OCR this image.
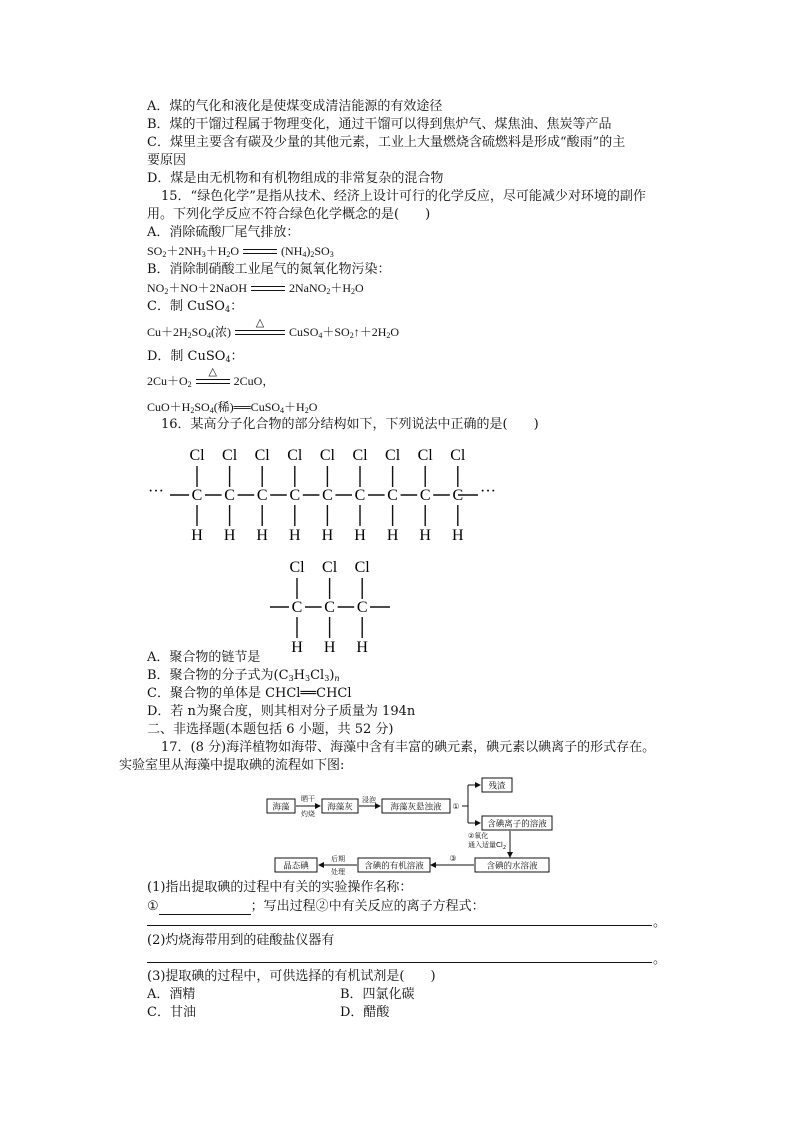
A．煤的气化和液化是使煤变成清洁能源的有效途径
B．煤的干馏过程属于物理变化，通过干馏可以得到焦炉气、煤焦油、焦炭等产品
C．煤里主要含有碳及少量的其他元素，工业上大量燃烧含硫燃料是形成“酸雨”的主
要原因
D．煤是由无机物和有机物组成的非常复杂的混合物
15．“绿色化学”是指从技术、经济上设计可行的化学反应，尽可能减少对环境的副作
用。下列化学反应不符合绿色化学概念的是(　　)
A．消除硫酸厂尾气排放：
$SO_2+2NH_3+H_2O$	$(NH_4)_2SO_3$
B．消除制硝酸工业尾气的氮氧化物污染：
$NO_2+NO+2NaOH$	$2NaNO_2+H_2O$
C．制 CuSO$_4$：
$Cu+2H_2SO_4$(浓)
△
$CuSO_4+SO_2↑+2H_2O$
D．制 CuSO$_4$：
$2Cu+O_2$
△
2CuO，
$CuO+H_2SO_4$(稀)$══CuSO_4+H_2O$
16．某高分子化合物的部分结构如下，下列说法中正确的是(　　)
Cl
C
H
Cl
C
H
Cl
C
H
Cl
C
H
Cl
C
H
Cl
C
H
Cl
C
H
Cl
C
H
Cl
C
H
···	···
Cl
C
H
Cl
C
H
Cl
C
H
A．聚合物的链节是
B．聚合物的分子式为$(C_3H_3Cl_3)_n$
C．聚合物的单体是 CHCl══CHCl
D．若 n为聚合度，则其相对分子质量为 194n
二、非选择题(本题包括 6 小题，共 52 分)
17．(8 分)海洋植物如海带、海藻中含有丰富的碘元素，碘元素以碘离子的形式存在。
实验室里从海藻中提取碘的流程如下图:
海藻
晒干
灼烧
海藻灰
浸泡
海藻灰悬浊液 ①
残渣
含碘离子的溶液
②氧化
通入适量$Cl_2$
含碘的水溶液
③
含碘的有机溶液
后期
处理
晶态碘
(1)指出提取碘的过程中有关的实验操作名称：
①	；写出过程②中有关反应的离子方程式：
。
(2)灼烧海带用到的硅酸盐仪器有
。
(3)提取碘的过程中，可供选择的有机试剂是(　　)
A．酒精	B．四氯化碳
C．甘油	D．醋酸
